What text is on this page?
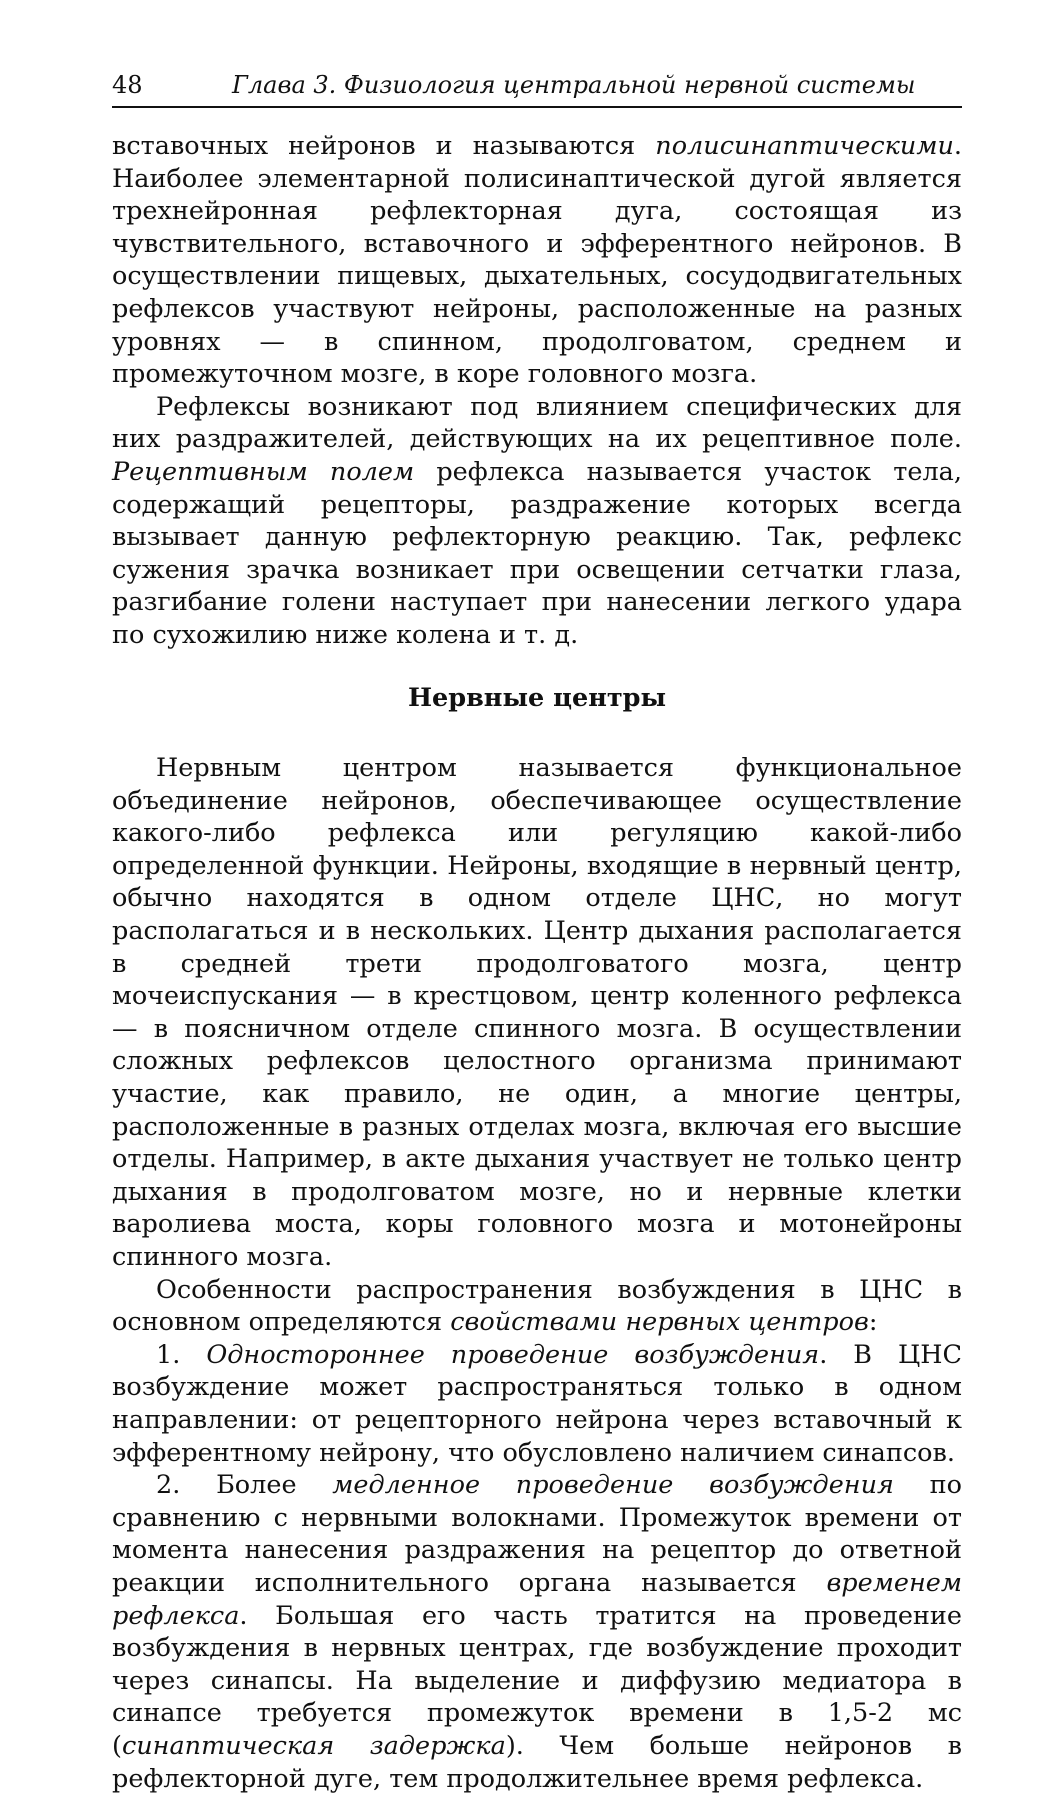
48	Глава 3. Физиология центральной нервной системы

вставочных нейронов и называются полисинаптическими. Наиболее элементарной полисинаптической дугой является трехнейронная рефлекторная дуга, состоящая из чувствительного, вставочного и эфферентного нейронов. В осуществлении пищевых, дыхательных, сосудодвигательных рефлексов участвуют нейроны, расположенные на разных уровнях — в спинном, продолговатом, среднем и промежуточном мозге, в коре головного мозга.

Рефлексы возникают под влиянием специфических для них раздражителей, действующих на их рецептивное поле. Рецептивным полем рефлекса называется участок тела, содержащий рецепторы, раздражение которых всегда вызывает данную рефлекторную реакцию. Так, рефлекс сужения зрачка возникает при освещении сетчатки глаза, разгибание голени наступает при нанесении легкого удара по сухожилию ниже колена и т. д.

Нервные центры

Нервным центром называется функциональное объединение нейронов, обеспечивающее осуществление какого-либо рефлекса или регуляцию какой-либо определенной функции. Нейроны, входящие в нервный центр, обычно находятся в одном отделе ЦНС, но могут располагаться и в нескольких. Центр дыхания располагается в средней трети продолговатого мозга, центр мочеиспускания — в крестцовом, центр коленного рефлекса — в поясничном отделе спинного мозга. В осуществлении сложных рефлексов целостного организма принимают участие, как правило, не один, а многие центры, расположенные в разных отделах мозга, включая его высшие отделы. Например, в акте дыхания участвует не только центр дыхания в продолговатом мозге, но и нервные клетки варолиева моста, коры головного мозга и мотонейроны спинного мозга.

Особенности распространения возбуждения в ЦНС в основном определяются свойствами нервных центров:

1. Одностороннее проведение возбуждения. В ЦНС возбуждение может распространяться только в одном направлении: от рецепторного нейрона через вставочный к эфферентному нейрону, что обусловлено наличием синапсов.

2. Более медленное проведение возбуждения по сравнению с нервными волокнами. Промежуток времени от момента нанесения раздражения на рецептор до ответной реакции исполнительного органа называется временем рефлекса. Большая его часть тратится на проведение возбуждения в нервных центрах, где возбуждение проходит через синапсы. На выделение и диффузию медиатора в синапсе требуется промежуток времени в 1,5-2 мс (синаптическая задержка). Чем больше нейронов в рефлекторной дуге, тем продолжительнее время рефлекса.
